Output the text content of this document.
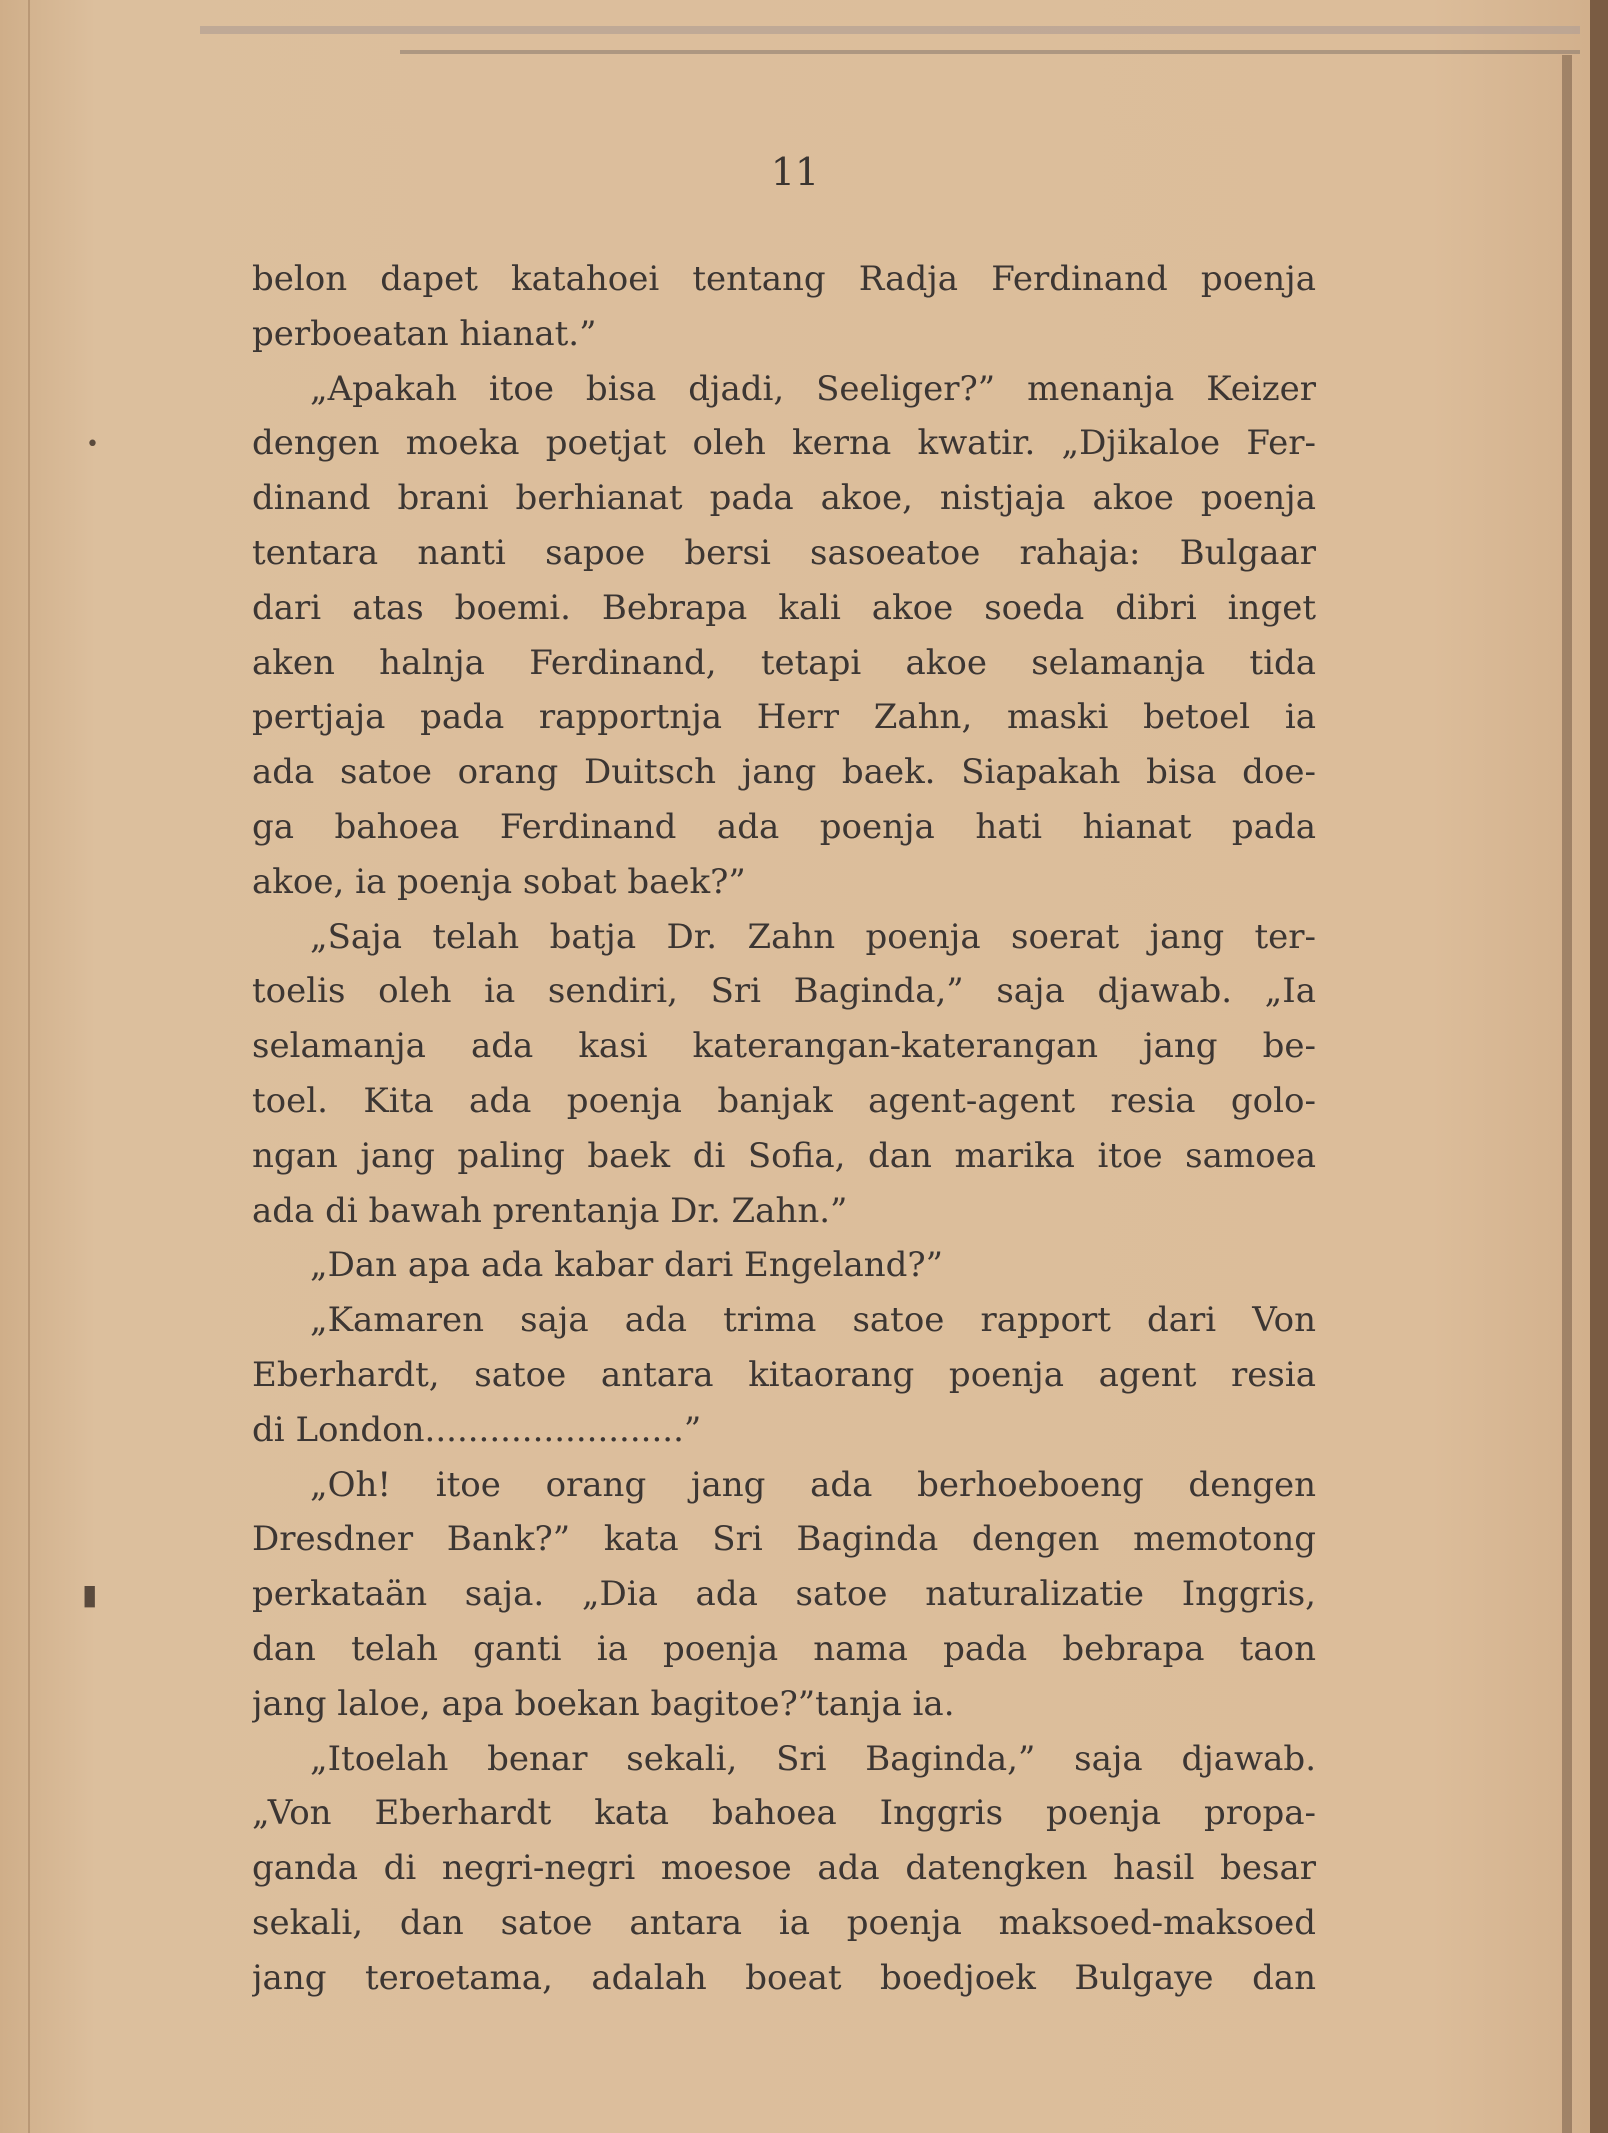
•
▮
11
belon dapet katahoei tentang Radja Ferdinand poenja
perboeatan hianat.”
„Apakah itoe bisa djadi, Seeliger?” menanja Keizer
dengen moeka poetjat oleh kerna kwatir. „Djikaloe Fer-
dinand brani berhianat pada akoe, nistjaja akoe poenja
tentara nanti sapoe bersi sasoeatoe rahaja: Bulgaar
dari atas boemi. Bebrapa kali akoe soeda dibri inget
aken halnja Ferdinand, tetapi akoe selamanja tida
pertjaja pada rapportnja Herr Zahn, maski betoel ia
ada satoe orang Duitsch jang baek. Siapakah bisa doe-
ga bahoea Ferdinand ada poenja hati hianat pada
akoe, ia poenja sobat baek?”
„Saja telah batja Dr. Zahn poenja soerat jang ter-
toelis oleh ia sendiri, Sri Baginda,” saja djawab. „Ia
selamanja ada kasi katerangan-katerangan jang be-
toel. Kita ada poenja banjak agent-agent resia golo-
ngan jang paling baek di Sofia, dan marika itoe samoea
ada di bawah prentanja Dr. Zahn.”
„Dan apa ada kabar dari Engeland?”
„Kamaren saja ada trima satoe rapport dari Von
Eberhardt, satoe antara kitaorang poenja agent resia
di London........................”
„Oh! itoe orang jang ada berhoeboeng dengen
Dresdner Bank?” kata Sri Baginda dengen memotong
perkataän saja. „Dia ada satoe naturalizatie Inggris,
dan telah ganti ia poenja nama pada bebrapa taon
jang laloe, apa boekan bagitoe?”tanja ia.
„Itoelah benar sekali, Sri Baginda,” saja djawab.
„Von Eberhardt kata bahoea Inggris poenja propa-
ganda di negri-negri moesoe ada datengken hasil besar
sekali, dan satoe antara ia poenja maksoed-maksoed
jang teroetama, adalah boeat boedjoek Bulgaye dan
